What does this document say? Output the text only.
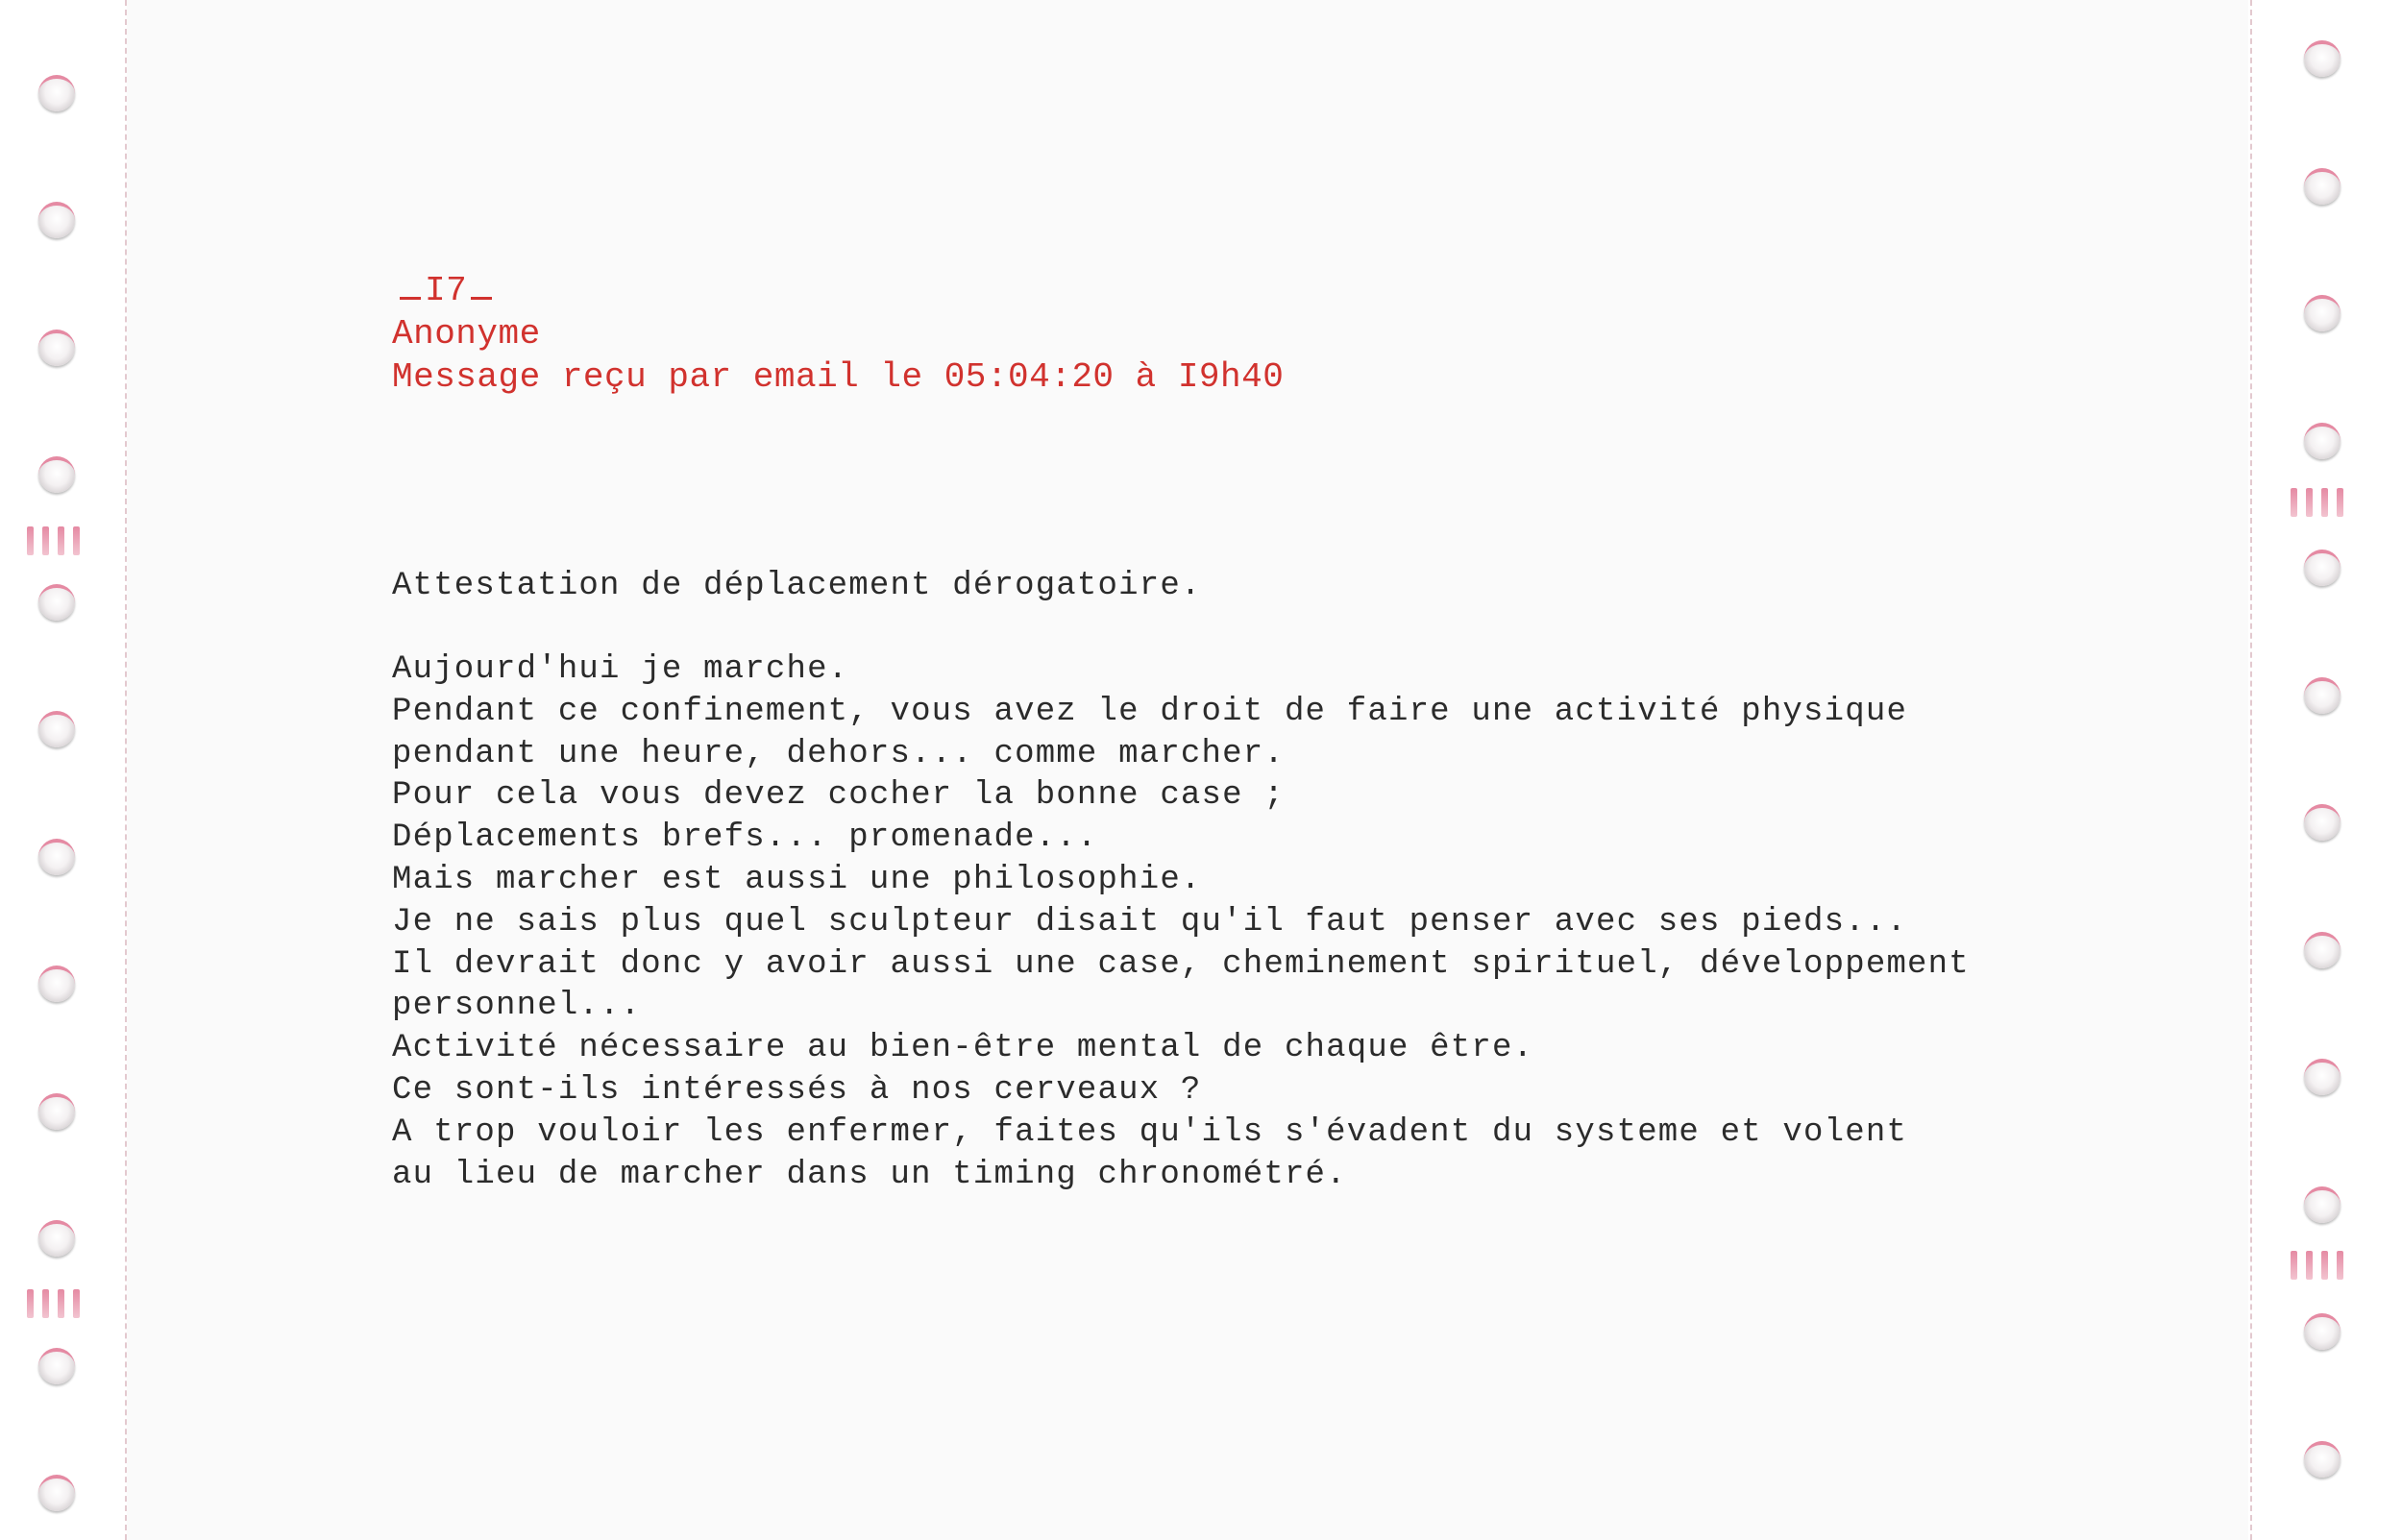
I7
Anonyme
Message reçu par email le 05:04:20 à I9h40
Attestation de déplacement dérogatoire.
Aujourd'hui je marche.
Pendant ce confinement, vous avez le droit de faire une activité physique
pendant une heure, dehors... comme marcher.
Pour cela vous devez cocher la bonne case ;
Déplacements brefs... promenade...
Mais marcher est aussi une philosophie.
Je ne sais plus quel sculpteur disait qu'il faut penser avec ses pieds...
Il devrait donc y avoir aussi une case, cheminement spirituel, développement
personnel...
Activité nécessaire au bien-être mental de chaque être.
Ce sont-ils intéressés à nos cerveaux ?
A trop vouloir les enfermer, faites qu'ils s'évadent du systeme et volent
au lieu de marcher dans un timing chronométré.
